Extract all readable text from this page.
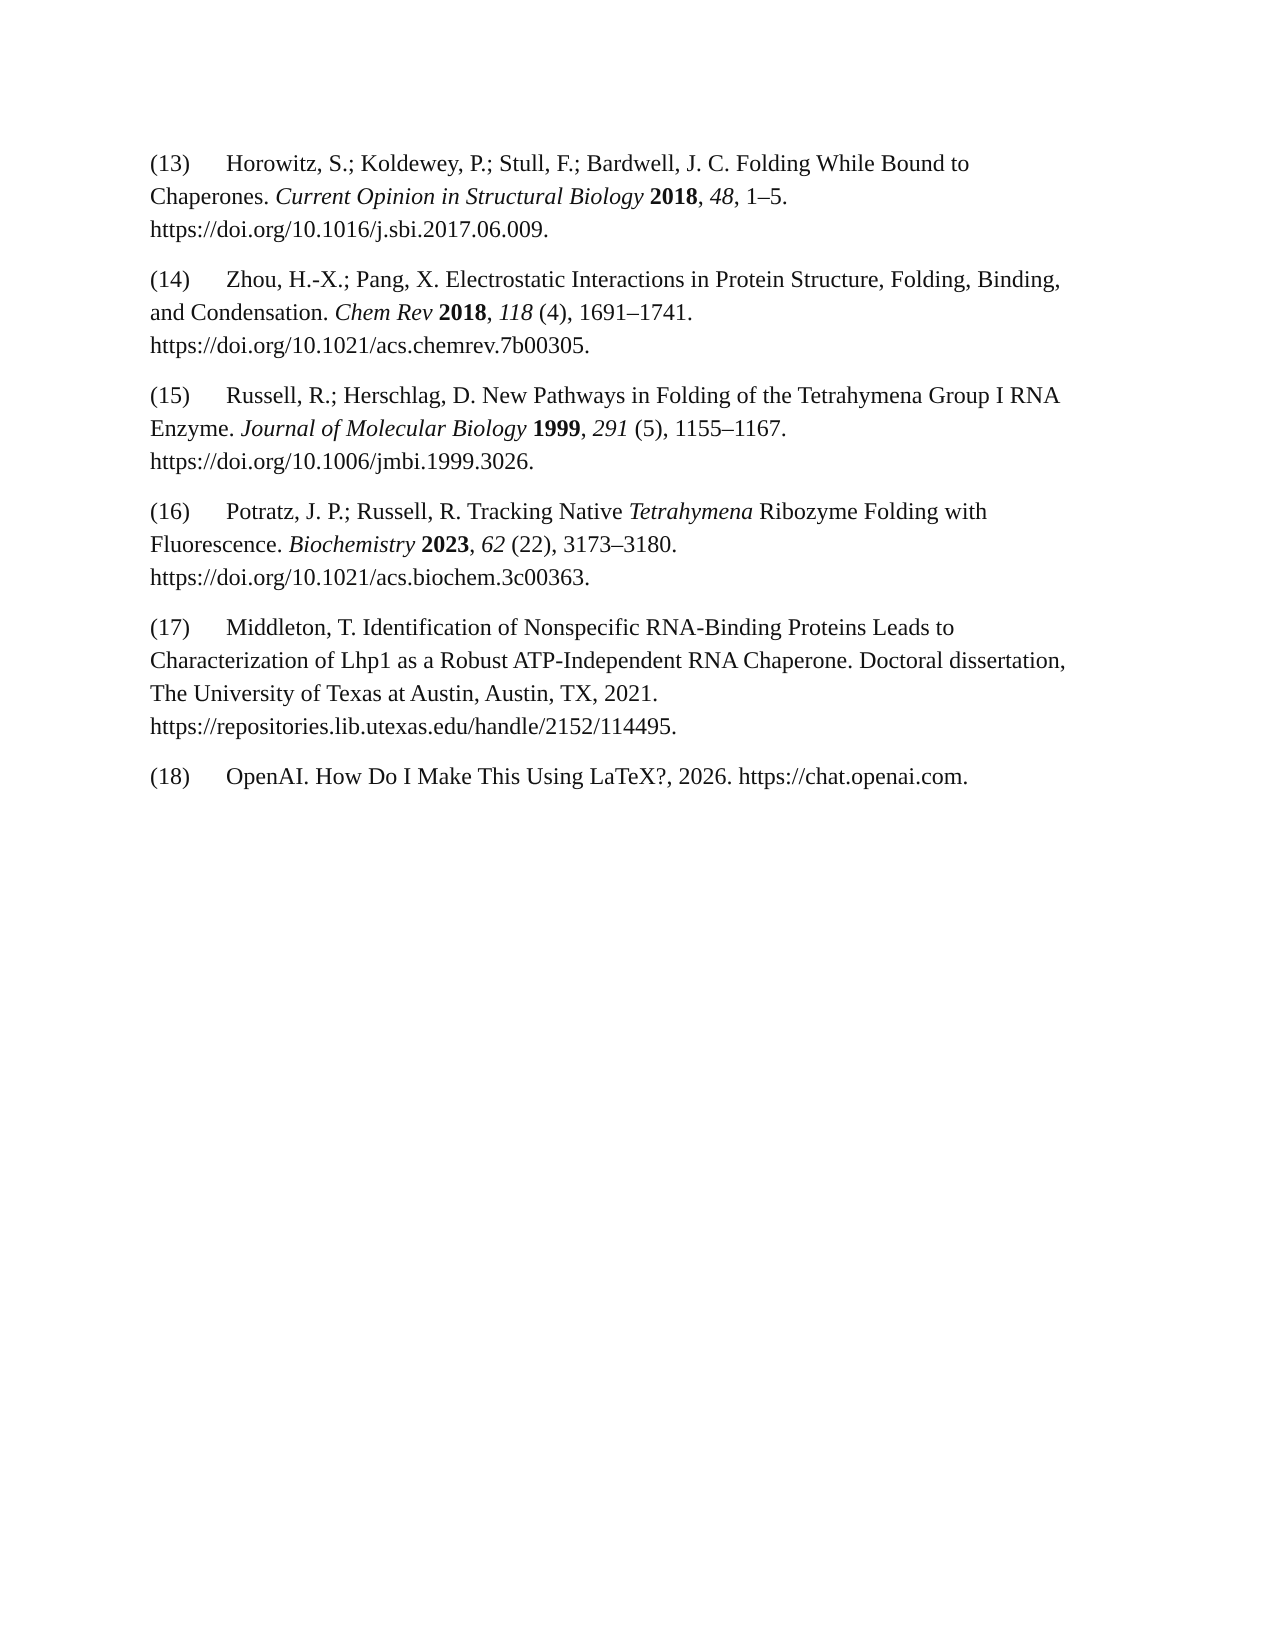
(13) Horowitz, S.; Koldewey, P.; Stull, F.; Bardwell, J. C. Folding While Bound to
Chaperones. Current Opinion in Structural Biology 2018, 48, 1–5.
https://doi.org/10.1016/j.sbi.2017.06.009.
(14) Zhou, H.-X.; Pang, X. Electrostatic Interactions in Protein Structure, Folding, Binding,
and Condensation. Chem Rev 2018, 118 (4), 1691–1741.
https://doi.org/10.1021/acs.chemrev.7b00305.
(15) Russell, R.; Herschlag, D. New Pathways in Folding of the Tetrahymena Group I RNA
Enzyme. Journal of Molecular Biology 1999, 291 (5), 1155–1167.
https://doi.org/10.1006/jmbi.1999.3026.
(16) Potratz, J. P.; Russell, R. Tracking Native Tetrahymena Ribozyme Folding with
Fluorescence. Biochemistry 2023, 62 (22), 3173–3180.
https://doi.org/10.1021/acs.biochem.3c00363.
(17) Middleton, T. Identification of Nonspecific RNA-Binding Proteins Leads to
Characterization of Lhp1 as a Robust ATP-Independent RNA Chaperone. Doctoral dissertation,
The University of Texas at Austin, Austin, TX, 2021.
https://repositories.lib.utexas.edu/handle/2152/114495.
(18) OpenAI. How Do I Make This Using LaTeX?, 2026. https://chat.openai.com.
